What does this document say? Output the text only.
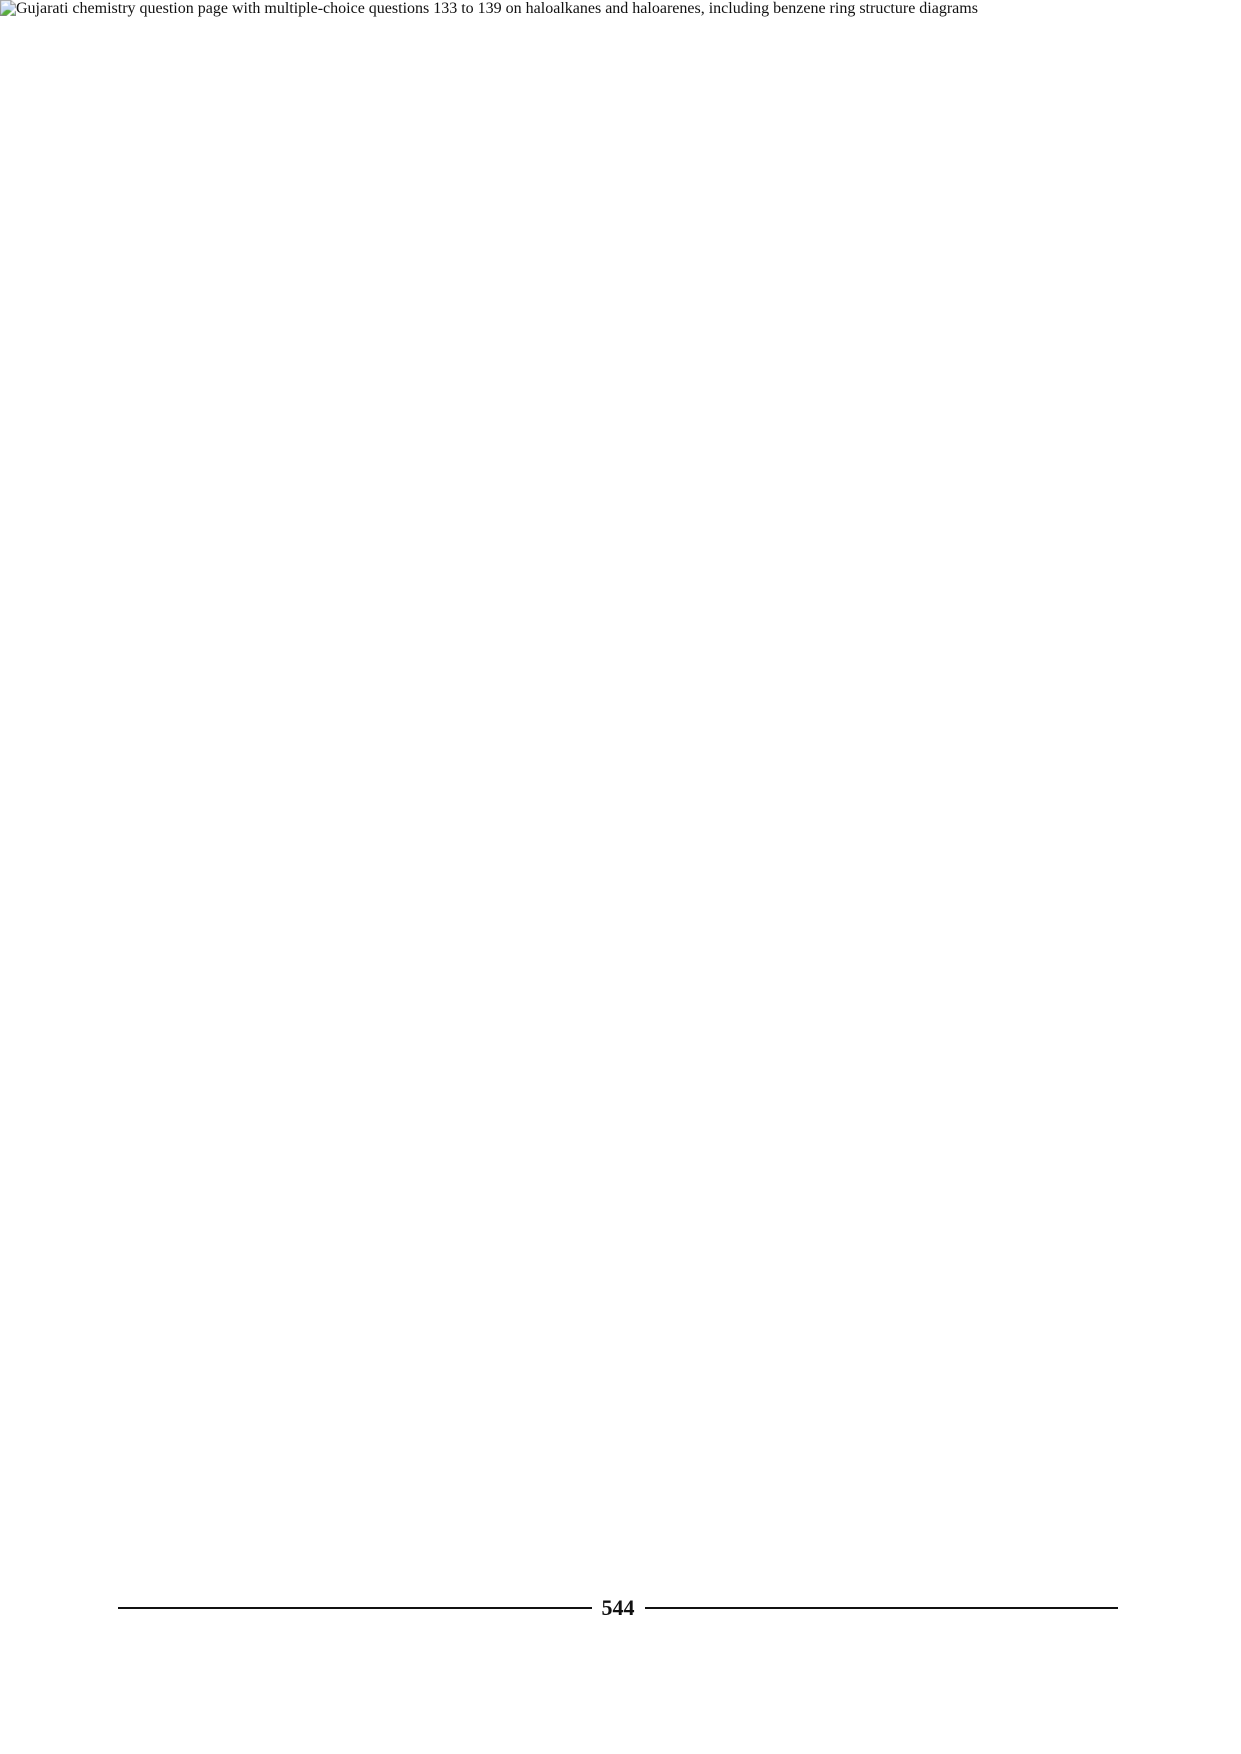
544
